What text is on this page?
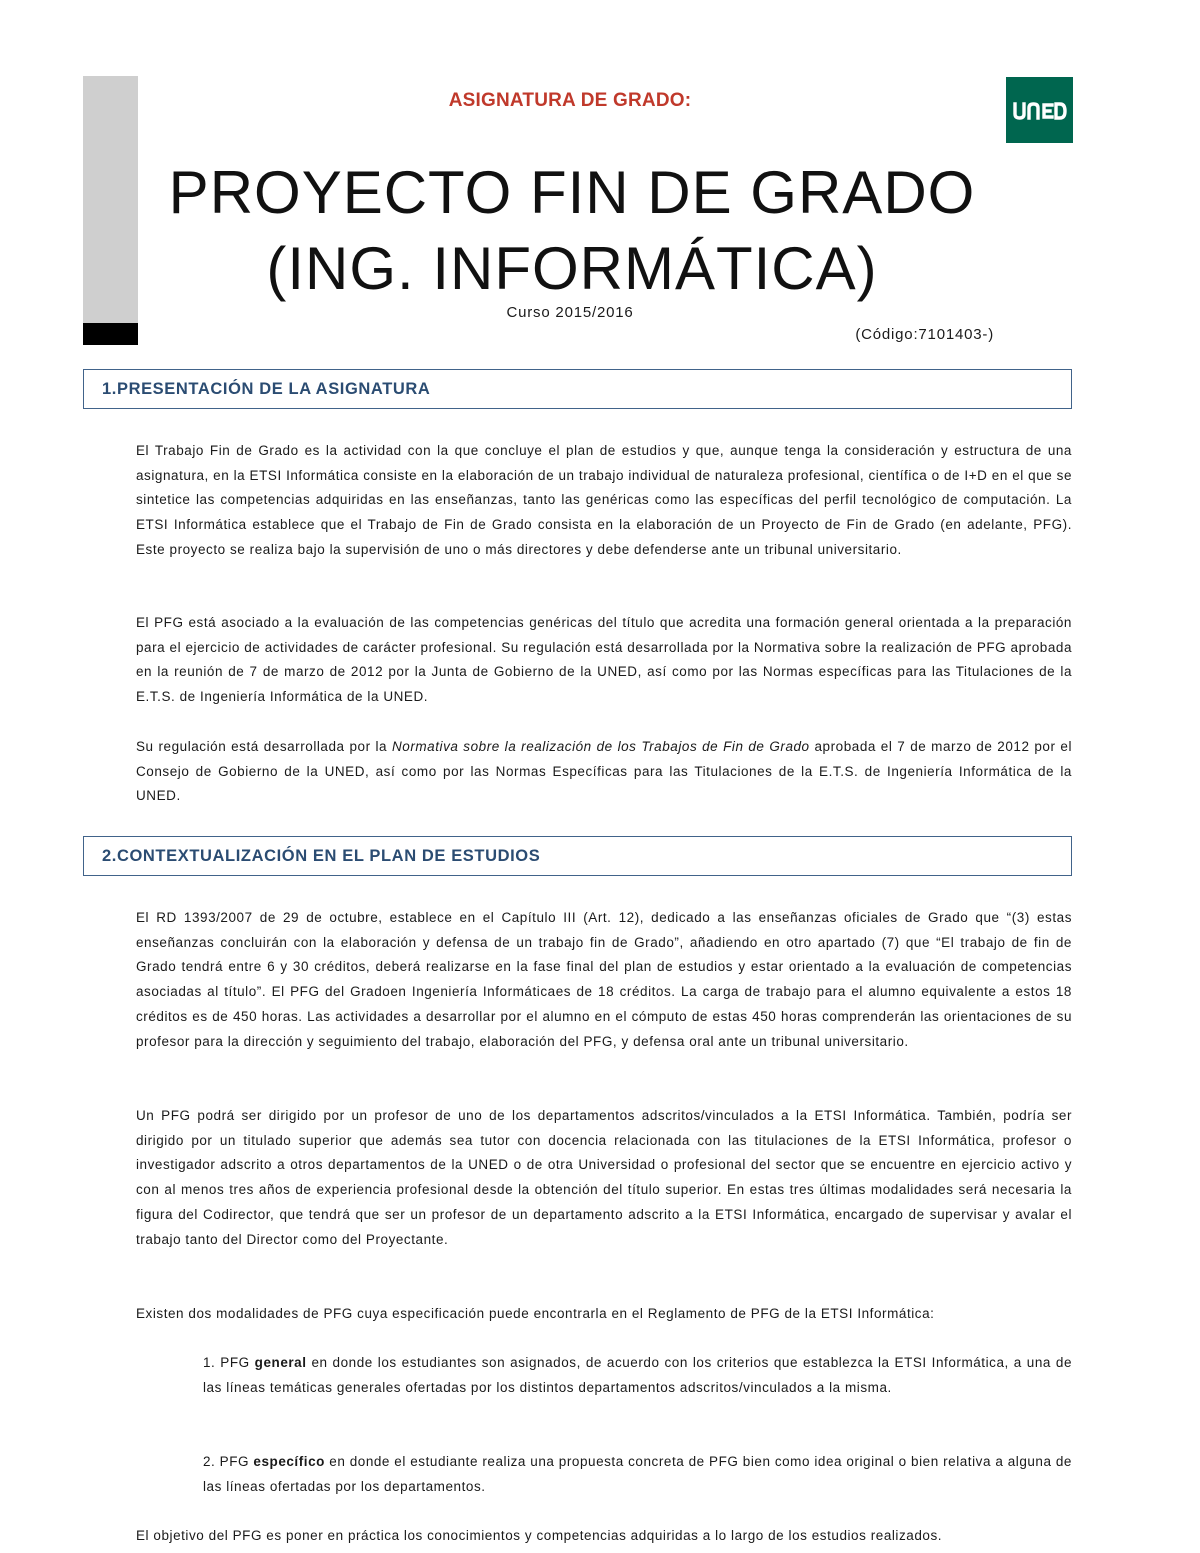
ASIGNATURA DE GRADO:
PROYECTO FIN DE GRADO
(ING. INFORMÁTICA)
Curso 2015/2016
(Código:7101403-)
1.PRESENTACIÓN DE LA ASIGNATURA

El Trabajo Fin de Grado es la actividad con la que concluye el plan de estudios y que, aunque tenga la consideración y estructura de una asignatura, en la ETSI Informática consiste en la elaboración de un trabajo individual de naturaleza profesional, científica o de I+D en el que se sintetice las competencias adquiridas en las enseñanzas, tanto las genéricas como las específicas del perfil tecnológico de computación. La ETSI Informática establece que el Trabajo de Fin de Grado consista en la elaboración de un Proyecto de Fin de Grado (en adelante, PFG). Este proyecto se realiza bajo la supervisión de uno o más directores y debe defenderse ante un tribunal universitario.

El PFG está asociado a la evaluación de las competencias genéricas del título que acredita una formación general orientada a la preparación para el ejercicio de actividades de carácter profesional. Su regulación está desarrollada por la Normativa sobre la realización de PFG aprobada en la reunión de 7 de marzo de 2012 por la Junta de Gobierno de la UNED, así como por las Normas específicas para las Titulaciones de la E.T.S. de Ingeniería Informática de la UNED.

Su regulación está desarrollada por la Normativa sobre la realización de los Trabajos de Fin de Grado aprobada el 7 de marzo de 2012 por el Consejo de Gobierno de la UNED, así como por las Normas Específicas para las Titulaciones de la E.T.S. de Ingeniería Informática de la UNED.

2.CONTEXTUALIZACIÓN EN EL PLAN DE ESTUDIOS

El RD 1393/2007 de 29 de octubre, establece en el Capítulo III (Art. 12), dedicado a las enseñanzas oficiales de Grado que “(3) estas enseñanzas concluirán con la elaboración y defensa de un trabajo fin de Grado”, añadiendo en otro apartado (7) que “El trabajo de fin de Grado tendrá entre 6 y 30 créditos, deberá realizarse en la fase final del plan de estudios y estar orientado a la evaluación de competencias asociadas al título”. El PFG del Gradoen Ingeniería Informáticaes de 18 créditos. La carga de trabajo para el alumno equivalente a estos 18 créditos es de 450 horas. Las actividades a desarrollar por el alumno en el cómputo de estas 450 horas comprenderán las orientaciones de su profesor para la dirección y seguimiento del trabajo, elaboración del PFG, y defensa oral ante un tribunal universitario.

Un PFG podrá ser dirigido por un profesor de uno de los departamentos adscritos/vinculados a la ETSI Informática. También, podría ser dirigido por un titulado superior que además sea tutor con docencia relacionada con las titulaciones de la ETSI Informática, profesor o investigador adscrito a otros departamentos de la UNED o de otra Universidad o profesional del sector que se encuentre en ejercicio activo y con al menos tres años de experiencia profesional desde la obtención del título superior. En estas tres últimas modalidades será necesaria la figura del Codirector, que tendrá que ser un profesor de un departamento adscrito a la ETSI Informática, encargado de supervisar y avalar el trabajo tanto del Director como del Proyectante.

Existen dos modalidades de PFG cuya especificación puede encontrarla en el Reglamento de PFG de la ETSI Informática:

1. PFG general en donde los estudiantes son asignados, de acuerdo con los criterios que establezca la ETSI Informática, a una de las líneas temáticas generales ofertadas por los distintos departamentos adscritos/vinculados a la misma.

2. PFG específico en donde el estudiante realiza una propuesta concreta de PFG bien como idea original o bien relativa a alguna de las líneas ofertadas por los departamentos.

El objetivo del PFG es poner en práctica los conocimientos y competencias adquiridas a lo largo de los estudios realizados.
